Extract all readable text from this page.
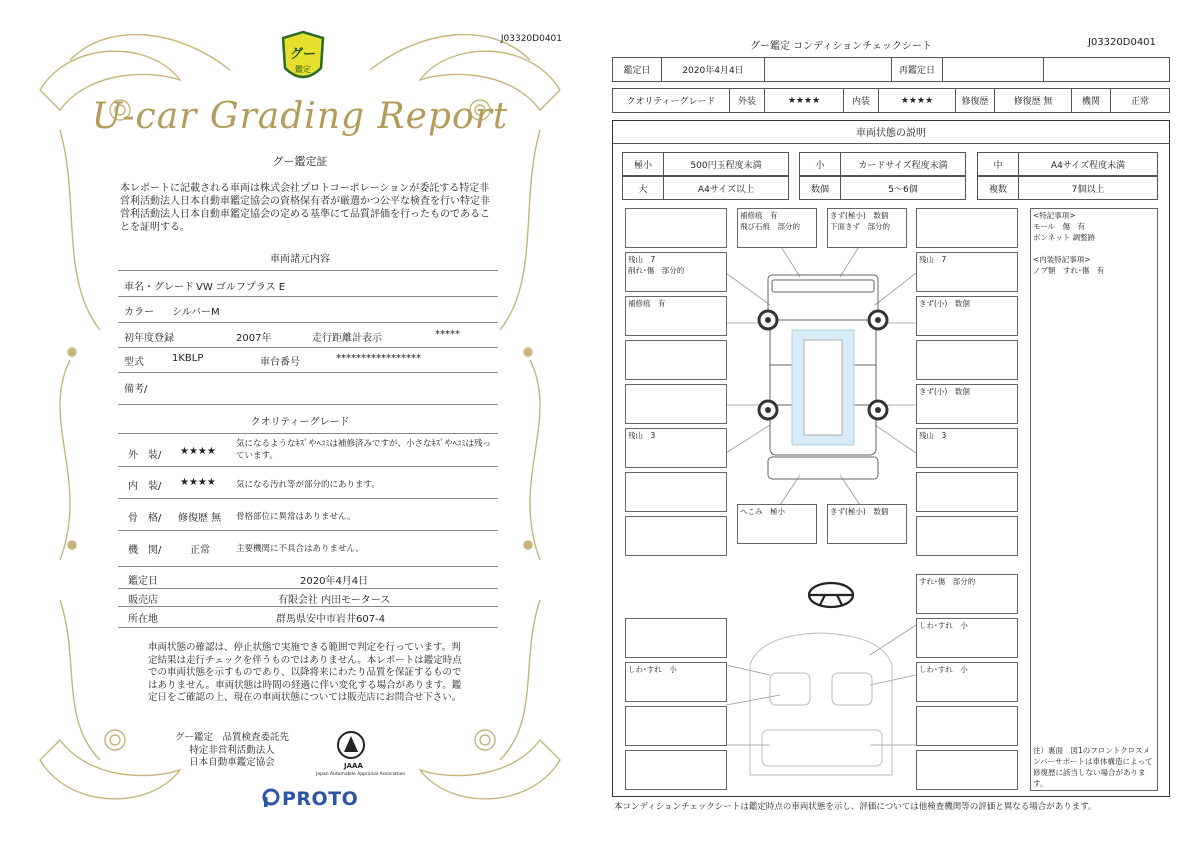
J03320D0401
グー
鑑定
U-car Grading Report
グー鑑定証
本レポートに記載される車両は株式会社プロトコーポレーションが委託する特定非営利活動法人日本自動車鑑定協会の資格保有者が厳選かつ公平な検査を行い特定非営利活動法人日本自動車鑑定協会の定める基準にて品質評価を行ったものであることを証明する。
車両諸元内容
車名・グレード VW ゴルフプラス E
カラー シルバーM
初年度登録	2007年	走行距離計表示	*****
型式	1KBLP	車台番号	*****************
備考/
クオリティーグレード
外　装/ ★★★★
気になるようなｷｽﾞやﾍｺﾐは補修済みですが、小さなｷｽﾞやﾍｺﾐは残っています。
内　装/ ★★★★ 気になる汚れ等が部分的にあります。
骨　格/ 修復歴 無 骨格部位に異常はありません。
機　関/	正常	主要機関に不具合はありません。
鑑定日	2020年4月4日
販売店	有限会社 内田モータース
所在地	群馬県安中市岩井607-4
車両状態の確認は、停止状態で実施できる範囲で判定を行っています。判定結果は走行チェックを伴うものではありません。本レポートは鑑定時点での車両状態を示すものであり、以降将来にわたり品質を保証するものではありません。車両状態は時間の経過に伴い変化する場合があります。鑑定日をご確認の上、現在の車両状態については販売店にお問合せ下さい。
グー鑑定　品質検査委託先
特定非営利活動法人
日本自動車鑑定協会	JAAA
Japan Automobile Appraisal Association
PROTO
グー鑑定 コンディションチェックシート	J03320D0401
鑑定日	2020年4月4日	再鑑定日
クオリティーグレード	外装	★★★★	内装	★★★★	修復歴	修復歴 無	機関	正常
車両状態の説明
極小	500円玉程度未満	小	カードサイズ程度未満	中	A4サイズ程度未満
大	A4サイズ以上	数個	5～6個	複数	7個以上
残山　7
削れ･傷　部分的
補修痕　有
残山　3
しわ･すれ　小
補修痕　有
飛び石痕　部分的
きず(極小)　数個
下面きず　部分的
へこみ　極小	きず(極小)　数個
残山　7
きず(小)　数個
きず(小)　数個
残山　3
すれ･傷　部分的
しわ･すれ　小
しわ･すれ　小
<特記事項>
モール　傷　有
ボンネット 調整跡

<内装特記事項>
ノブ類　すれ･傷　有
注）裏面　図1のフロントクロスメンバーサポートは車体構造によって修復歴に該当しない場合があります。
本コンディションチェックシートは鑑定時点の車両状態を示し、評価については他検査機関等の評価と異なる場合があります。
